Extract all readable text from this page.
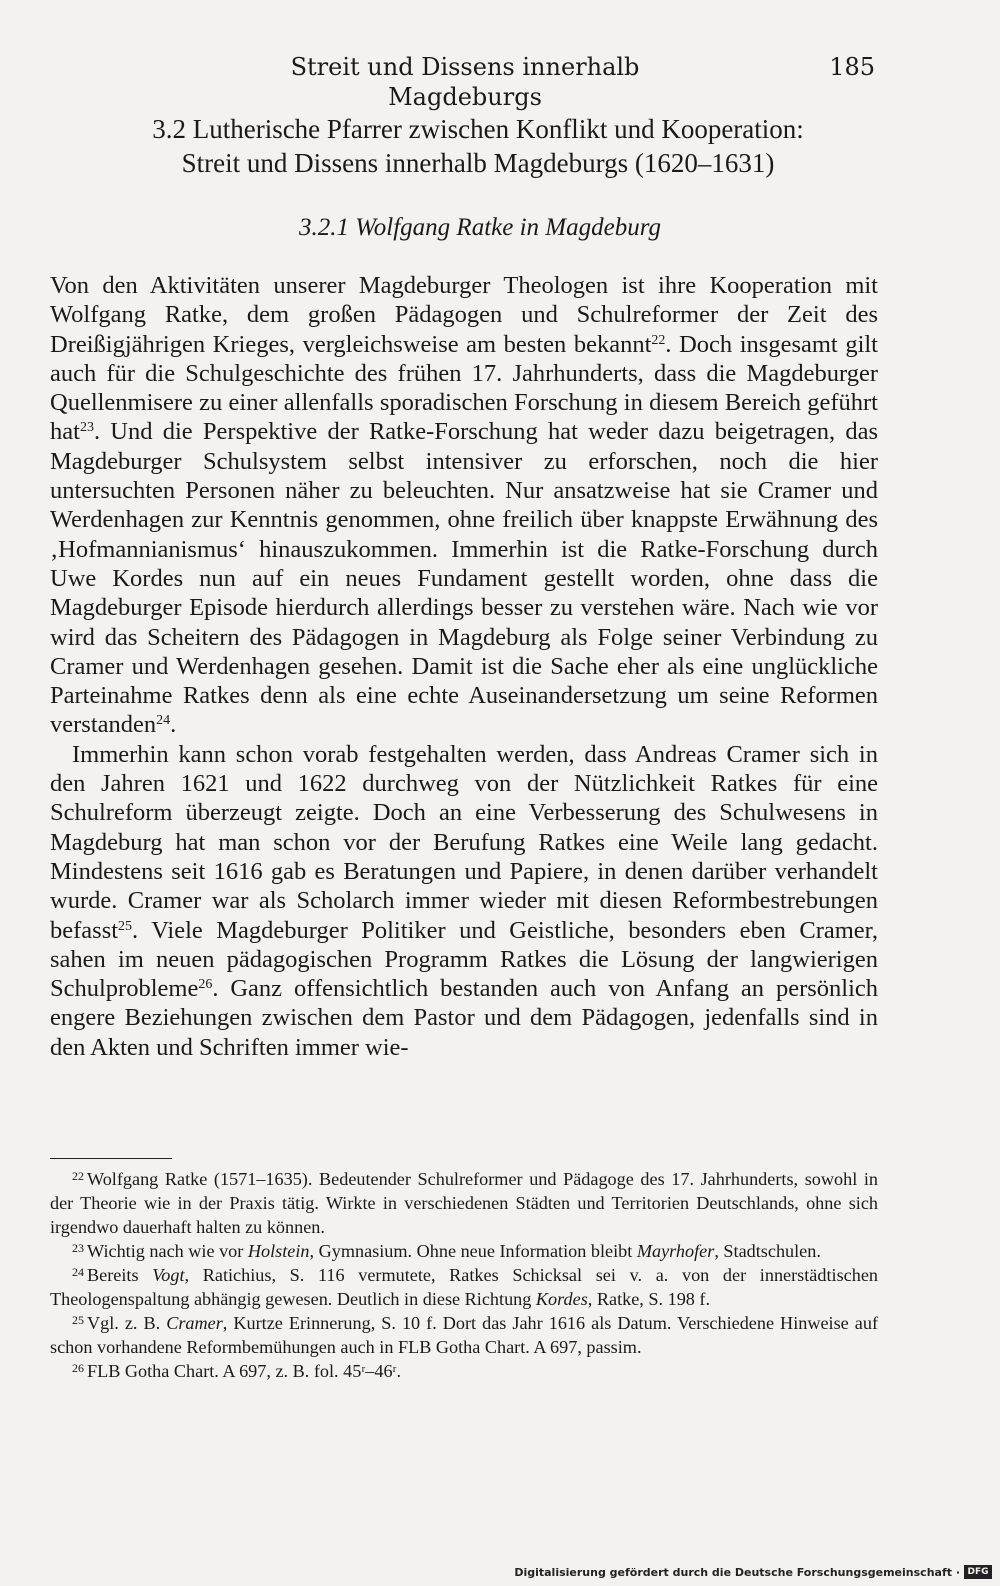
Streit und Dissens innerhalb Magdeburgs
185
3.2 Lutherische Pfarrer zwischen Konflikt und Kooperation:
Streit und Dissens innerhalb Magdeburgs (1620–1631)
3.2.1 Wolfgang Ratke in Magdeburg

Von den Aktivitäten unserer Magdeburger Theologen ist ihre Kooperation mit Wolfgang Ratke, dem großen Pädagogen und Schulreformer der Zeit des Dreißigjährigen Krieges, vergleichsweise am besten bekannt$^{22}$. Doch insgesamt gilt auch für die Schulgeschichte des frühen 17. Jahrhunderts, dass die Magdeburger Quellenmisere zu einer allenfalls sporadischen Forschung in diesem Bereich geführt hat$^{23}$. Und die Perspektive der Ratke-Forschung hat weder dazu beigetragen, das Magdeburger Schulsystem selbst intensiver zu erforschen, noch die hier untersuchten Personen näher zu beleuchten. Nur ansatzweise hat sie Cramer und Werdenhagen zur Kenntnis genommen, ohne freilich über knappste Erwähnung des ‚Hofmannianismus‘ hinauszukommen. Immerhin ist die Ratke-Forschung durch Uwe Kordes nun auf ein neues Fundament gestellt worden, ohne dass die Magdeburger Episode hierdurch allerdings besser zu verstehen wäre. Nach wie vor wird das Scheitern des Pädagogen in Magdeburg als Folge seiner Verbindung zu Cramer und Werdenhagen gesehen. Damit ist die Sache eher als eine unglückliche Parteinahme Ratkes denn als eine echte Auseinandersetzung um seine Reformen verstanden$^{24}$.

Immerhin kann schon vorab festgehalten werden, dass Andreas Cramer sich in den Jahren 1621 und 1622 durchweg von der Nützlichkeit Ratkes für eine Schulreform überzeugt zeigte. Doch an eine Verbesserung des Schulwesens in Magdeburg hat man schon vor der Berufung Ratkes eine Weile lang gedacht. Mindestens seit 1616 gab es Beratungen und Papiere, in denen darüber verhandelt wurde. Cramer war als Scholarch immer wieder mit diesen Reformbestrebungen befasst$^{25}$. Viele Magdeburger Politiker und Geistliche, besonders eben Cramer, sahen im neuen pädagogischen Programm Ratkes die Lösung der langwierigen Schulprobleme$^{26}$. Ganz offensichtlich bestanden auch von Anfang an persönlich engere Beziehungen zwischen dem Pastor und dem Pädagogen, jedenfalls sind in den Akten und Schriften immer wie-

$^{22}$ Wolfgang Ratke (1571–1635). Bedeutender Schulreformer und Pädagoge des 17. Jahrhunderts, sowohl in der Theorie wie in der Praxis tätig. Wirkte in verschiedenen Städten und Territorien Deutschlands, ohne sich irgendwo dauerhaft halten zu können.

$^{23}$ Wichtig nach wie vor Holstein, Gymnasium. Ohne neue Information bleibt Mayrhofer, Stadtschulen.

$^{24}$ Bereits Vogt, Ratichius, S. 116 vermutete, Ratkes Schicksal sei v. a. von der innerstädtischen Theologenspaltung abhängig gewesen. Deutlich in diese Richtung Kordes, Ratke, S. 198 f.

$^{25}$ Vgl. z. B. Cramer, Kurtze Erinnerung, S. 10 f. Dort das Jahr 1616 als Datum. Verschiedene Hinweise auf schon vorhandene Reformbemühungen auch in FLB Gotha Chart. A 697, passim.

$^{26}$ FLB Gotha Chart. A 697, z. B. fol. 45ʳ–46ʳ.

Digitalisierung gefördert durch die Deutsche Forschungsgemeinschaft · DFG
